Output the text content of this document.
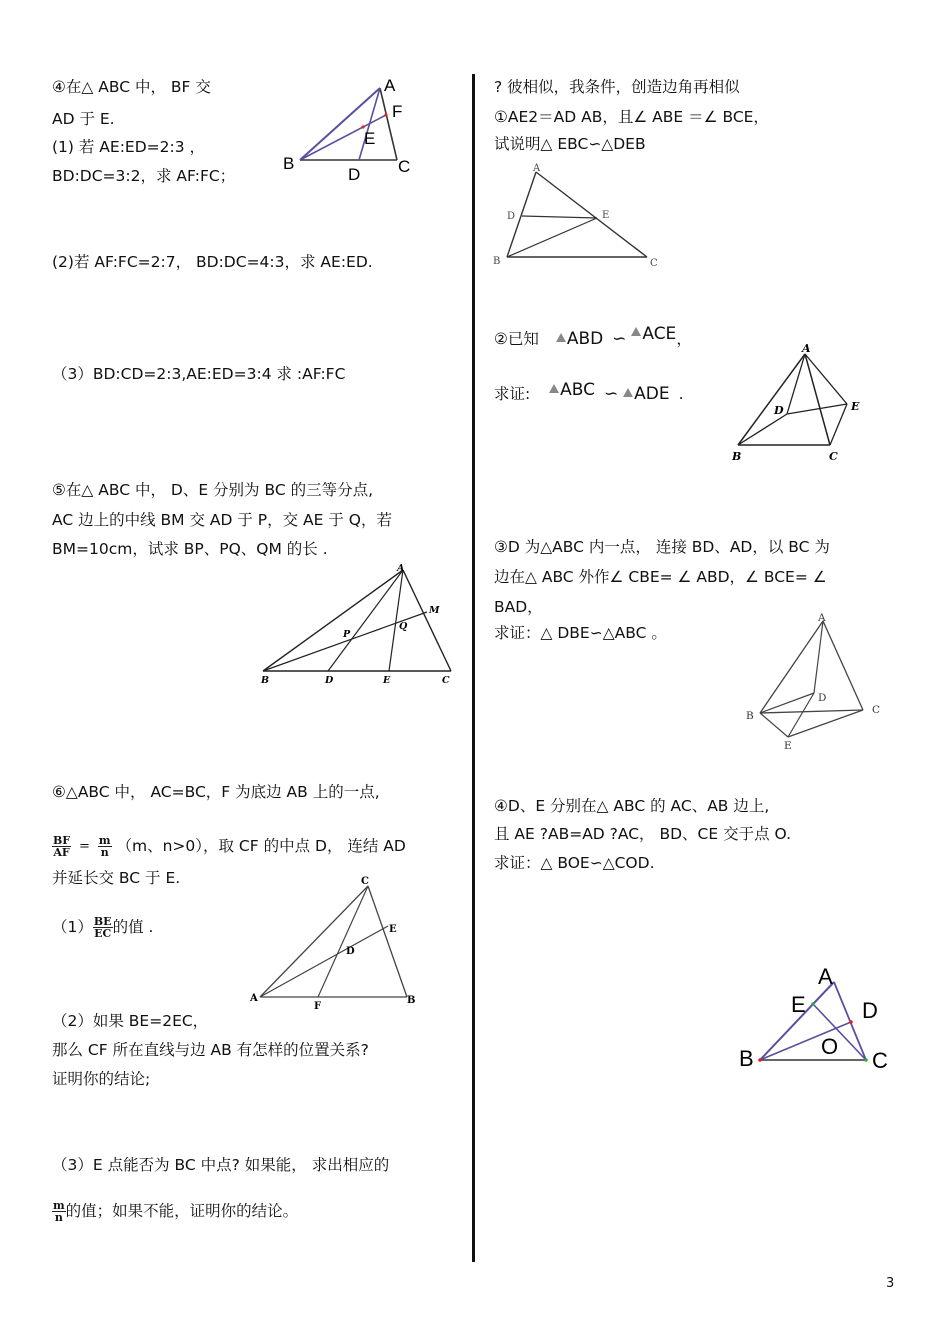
④在△ ABC 中， BF 交
AD 于 E.
(1) 若 AE:ED=2:3 ，
BD:DC=3:2，求 AF:FC；
A
F
E
B
D C
(2)若 AF:FC=2:7， BD:DC=4:3，求 AE:ED.
（3）BD:CD=2:3,AE:ED=3:4 求 :AF:FC
⑤在△ ABC 中， D、E 分别为 BC 的三等分点,
AC 边上的中线 BM 交 AD 于 P，交 AE 于 Q，若
BM=10cm，试求 BP、PQ、QM 的长 .
A
M
P
Q
B	D	E	C
⑥△ABC 中， AC=BC，F 为底边 AB 上的一点,
$\frac{BF}{AF} = \frac{m}{n} (m$、n>0），取 CF 的中点 D， 连结 AD
并延长交 BC 于 E.
$(1) \frac{BE}{EC}$ 的值 .
C
E
D
A
F
B
（2）如果 BE=2EC，
那么 CF 所在直线与边 AB 有怎样的位置关系?
证明你的结论;
（3）E 点能否为 BC 中点? 如果能， 求出相应的
$\frac{m}{n}$ 的值；如果不能，证明你的结论。
? 彼相似，我条件，创造边角再相似
①AE2＝AD AB，且∠ ABE ＝∠ BCE，
试说明△ EBC∽△DEB
A
D	E
B	C
②已知 ABD ∽ ACE，
求证: ABC ∽ ADE .
A
D	E
B	C
③D 为△ABC 内一点， 连接 BD、AD，以 BC 为
边在△ ABC 外作∠ CBE= ∠ ABD，∠ BCE= ∠
BAD，
求证：△ DBE∽△ABC 。
A
D
B	C
E
④D、E 分别在△ ABC 的 AC、AB 边上,
且 AE ?AB=AD ?AC， BD、CE 交于点 O.
求证：△ BOE∽△COD.
A
E	D
O
B	C
3
